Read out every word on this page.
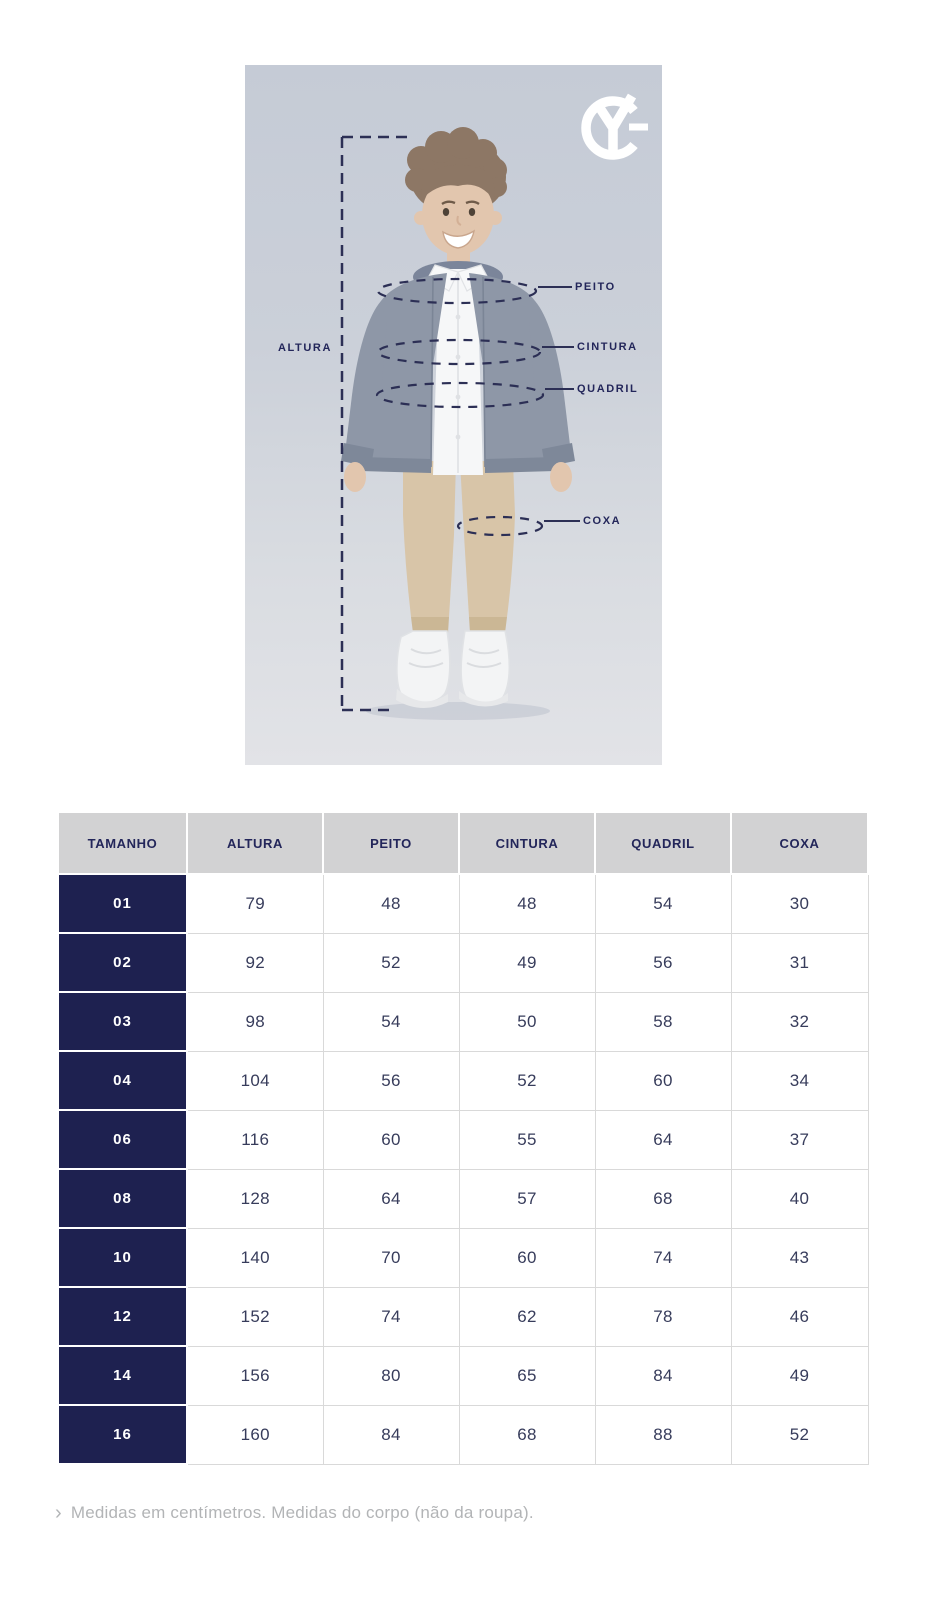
ALTURA
PEITO
CINTURA
QUADRIL
COXA
TAMANHO	ALTURA	PEITO	CINTURA	QUADRIL	COXA
01	79	48	48	54	30
02	92	52	49	56	31
03	98	54	50	58	32
04	104	56	52	60	34
06	116	60	55	64	37
08	128	64	57	68	40
10	140	70	60	74	43
12	152	74	62	78	46
14	156	80	65	84	49
16	160	84	68	88	52
› Medidas em centímetros. Medidas do corpo (não da roupa).
